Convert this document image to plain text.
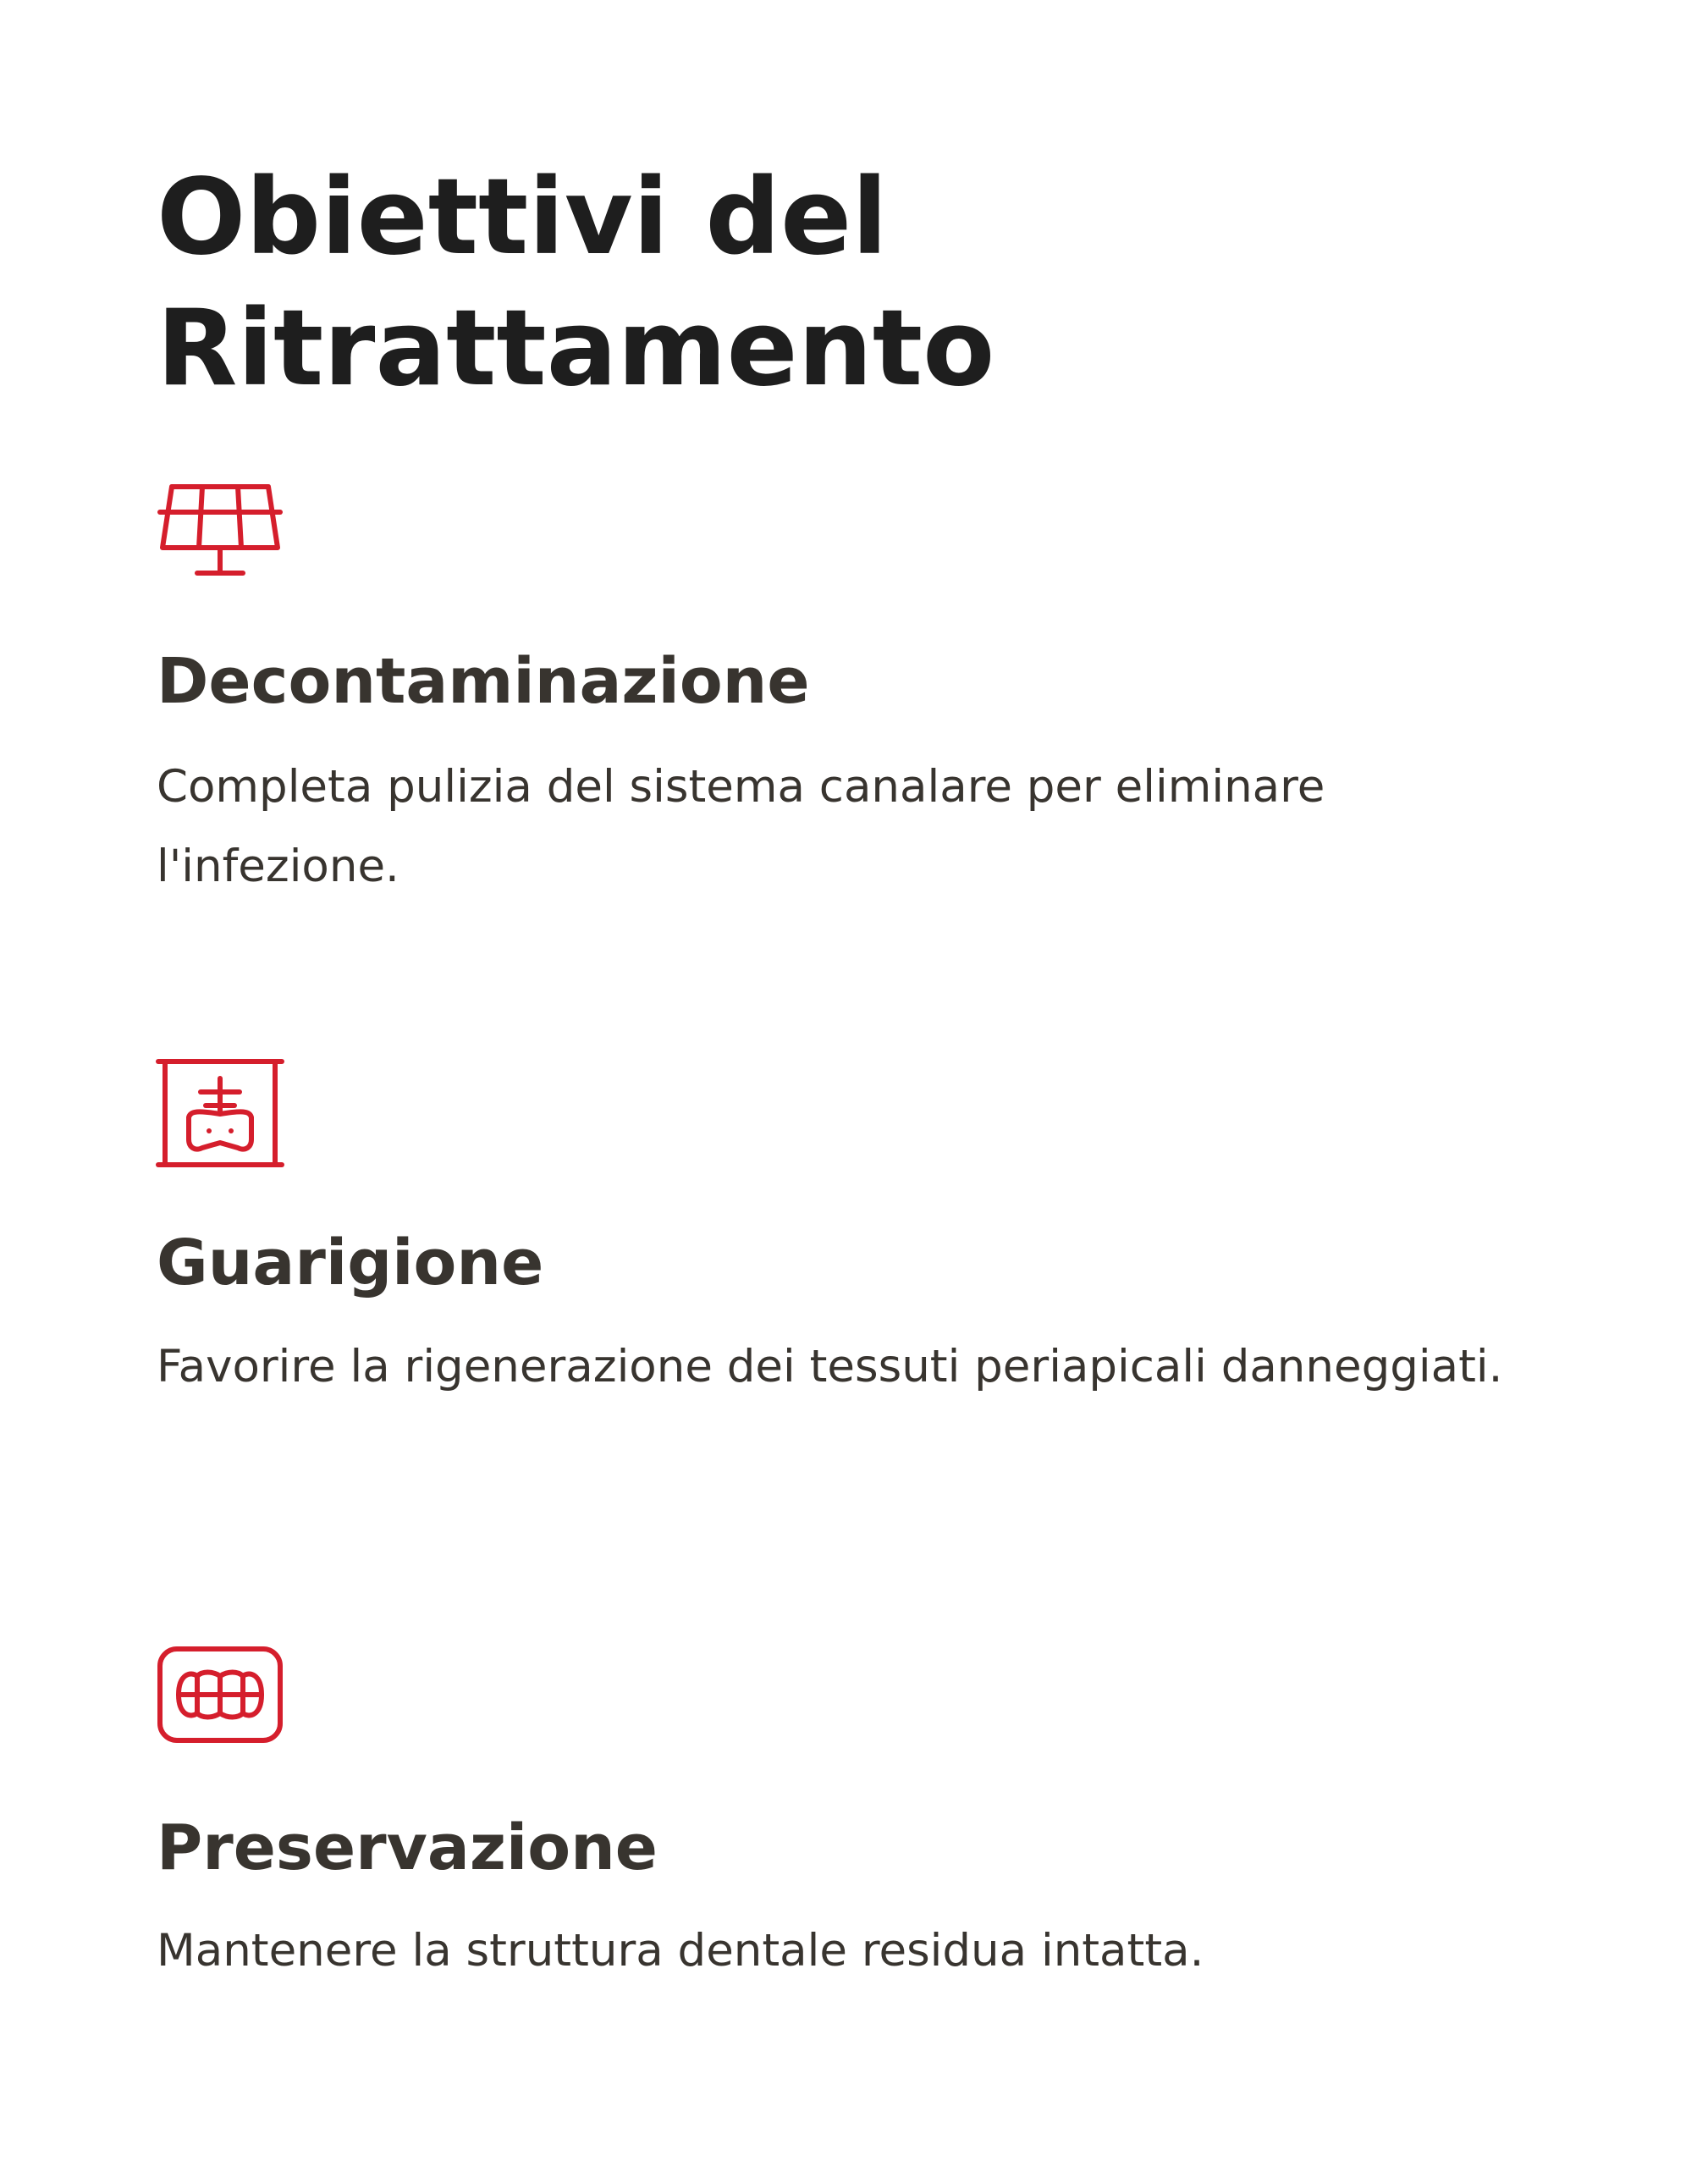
Obiettivi del Ritrattamento
Decontaminazione

Completa pulizia del sistema canalare per eliminare l'infezione.

Guarigione

Favorire la rigenerazione dei tessuti periapicali danneggiati.

Preservazione

Mantenere la struttura dentale residua intatta.
